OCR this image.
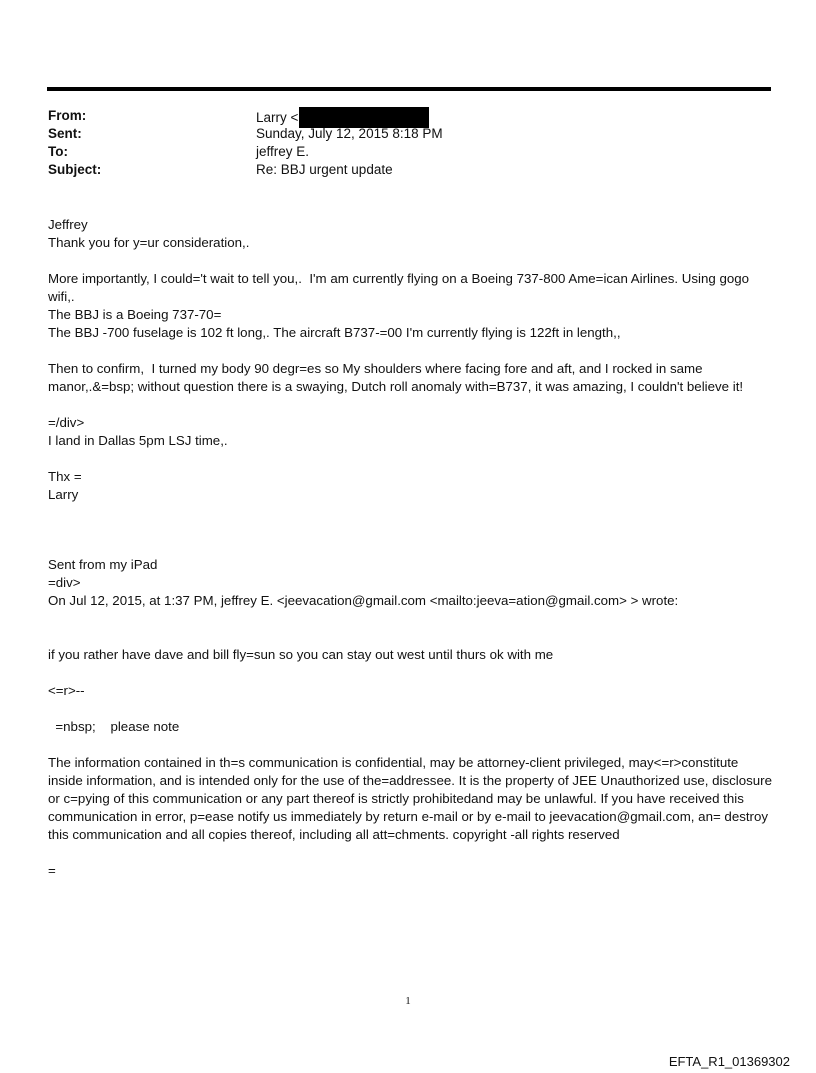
From:	Larry <
Sent:	Sunday, July 12, 2015 8:18 PM
To:	jeffrey E.
Subject:	Re: BBJ urgent update

Jeffrey

Thank you for y=ur consideration,.

More importantly, I could='t wait to tell you,.  I'm am currently flying on a Boeing 737-800 Ame=ican Airlines. Using gogo wifi,.

The BBJ is a Boeing 737-70=

The BBJ -700 fuselage is 102 ft long,. The aircraft B737-=00 I'm currently flying is 122ft in length,,

Then to confirm,  I turned my body 90 degr=es so My shoulders where facing fore and aft, and I rocked in same manor,.&=bsp; without question there is a swaying, Dutch roll anomaly with=B737, it was amazing, I couldn't believe it!

=/div>

I land in Dallas 5pm LSJ time,.

Thx =

Larry

Sent from my iPad

=div>

On Jul 12, 2015, at 1:37 PM, jeffrey E. <jeevacation@gmail.com <mailto:jeeva=ation@gmail.com> > wrote:

if you rather have dave and bill fly=sun so you can stay out west until thurs ok with me

<=r>--

=nbsp;    please note

The information contained in th=s communication is confidential, may be attorney-client privileged, may<=r>constitute inside information, and is intended only for the use of the=addressee. It is the property of JEE Unauthorized use, disclosure or c=pying of this communication or any part thereof is strictly prohibitedand may be unlawful. If you have received this communication in error, p=ease notify us immediately by return e-mail or by e-mail to jeevacation@gmail.com, an= destroy this communication and all copies thereof, including all att=chments. copyright -all rights reserved

=

1
EFTA_R1_01369302
